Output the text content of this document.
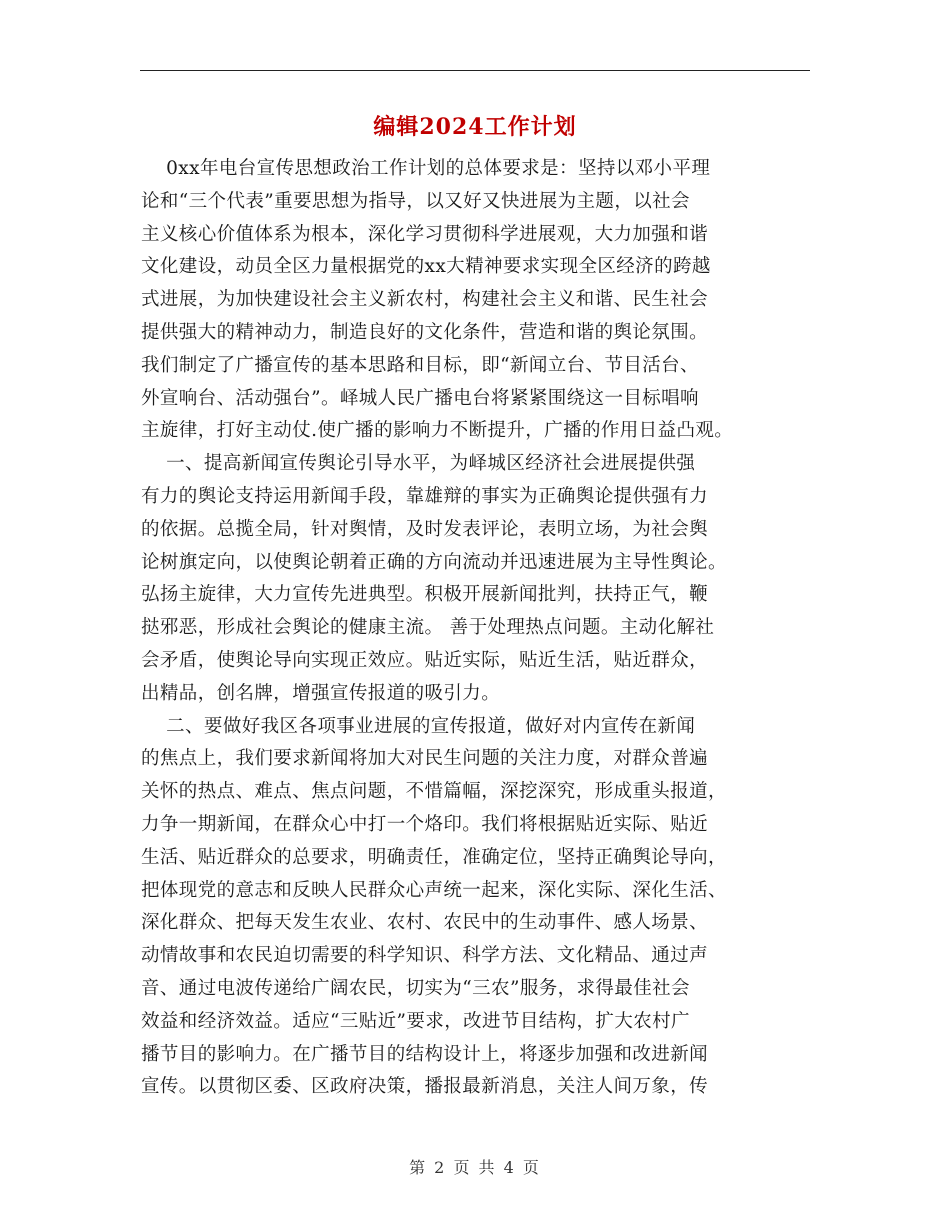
编辑2024工作计划
0xx年电台宣传思想政治工作计划的总体要求是：坚持以邓小平理
论和“三个代表”重要思想为指导，以又好又快进展为主题，以社会
主义核心价值体系为根本，深化学习贯彻科学进展观，大力加强和谐
文化建设，动员全区力量根据党的xx大精神要求实现全区经济的跨越
式进展，为加快建设社会主义新农村，构建社会主义和谐、民生社会
提供强大的精神动力，制造良好的文化条件，营造和谐的舆论氛围。
我们制定了广播宣传的基本思路和目标，即“新闻立台、节目活台、
外宣响台、活动强台”。峄城人民广播电台将紧紧围绕这一目标唱响
主旋律，打好主动仗.使广播的影响力不断提升，广播的作用日益凸观。
一、提高新闻宣传舆论引导水平，为峄城区经济社会进展提供强
有力的舆论支持运用新闻手段，靠雄辩的事实为正确舆论提供强有力
的依据。总揽全局，针对舆情，及时发表评论，表明立场，为社会舆
论树旗定向，以使舆论朝着正确的方向流动并迅速进展为主导性舆论。
弘扬主旋律，大力宣传先进典型。积极开展新闻批判，扶持正气，鞭
挞邪恶，形成社会舆论的健康主流。 善于处理热点问题。主动化解社
会矛盾，使舆论导向实现正效应。贴近实际，贴近生活，贴近群众，
出精品，创名牌，增强宣传报道的吸引力。
二、要做好我区各项事业进展的宣传报道，做好对内宣传在新闻
的焦点上，我们要求新闻将加大对民生问题的关注力度，对群众普遍
关怀的热点、难点、焦点问题，不惜篇幅，深挖深究，形成重头报道，
力争一期新闻，在群众心中打一个烙印。我们将根据贴近实际、贴近
生活、贴近群众的总要求，明确责任，准确定位，坚持正确舆论导向，
把体现党的意志和反映人民群众心声统一起来，深化实际、深化生活、
深化群众、把每天发生农业、农村、农民中的生动事件、感人场景、
动情故事和农民迫切需要的科学知识、科学方法、文化精品、通过声
音、通过电波传递给广阔农民，切实为“三农”服务，求得最佳社会
效益和经济效益。适应“三贴近”要求，改进节目结构，扩大农村广
播节目的影响力。在广播节目的结构设计上，将逐步加强和改进新闻
宣传。以贯彻区委、区政府决策，播报最新消息，关注人间万象，传
第 2 页 共 4 页
